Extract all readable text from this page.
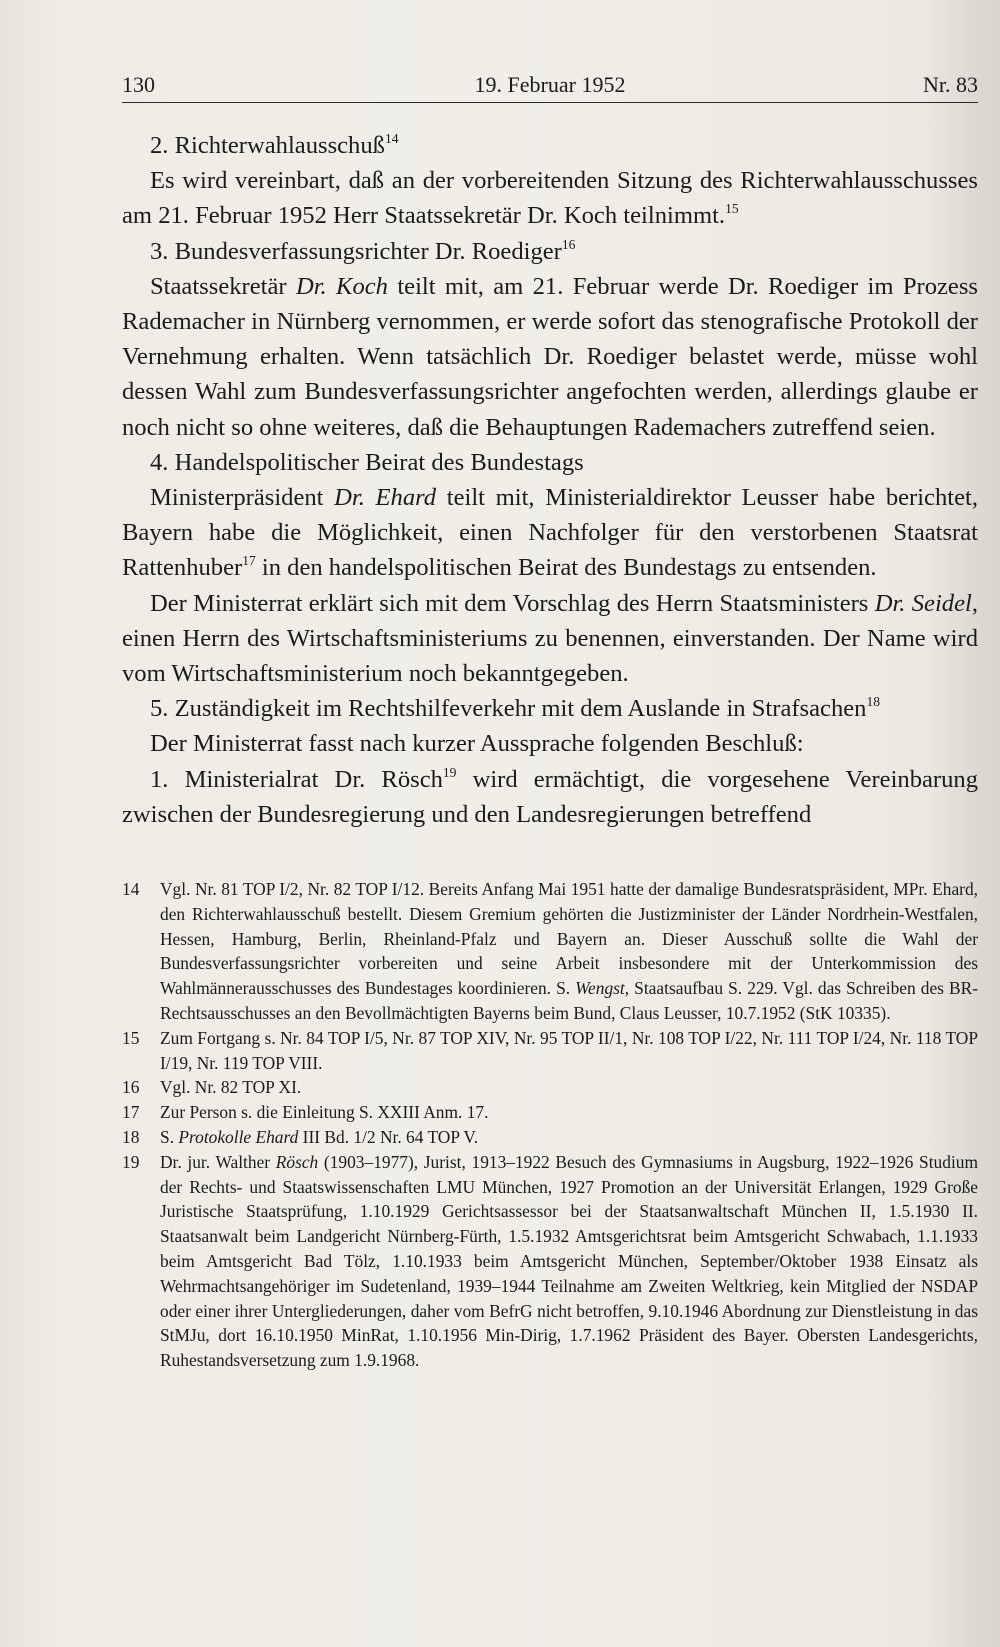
130	19. Februar 1952	Nr. 83

2. Richterwahlausschuß$^{14}$

Es wird vereinbart, daß an der vorbereitenden Sitzung des Richterwahlausschusses am 21. Februar 1952 Herr Staatssekretär Dr. Koch teilnimmt.$^{15}$

3. Bundesverfassungsrichter Dr. Roediger$^{16}$

Staatssekretär Dr. Koch teilt mit, am 21. Februar werde Dr. Roediger im Prozess Rademacher in Nürnberg vernommen, er werde sofort das stenografische Protokoll der Vernehmung erhalten. Wenn tatsächlich Dr. Roediger belastet werde, müsse wohl dessen Wahl zum Bundesverfassungsrichter angefochten werden, allerdings glaube er noch nicht so ohne weiteres, daß die Behauptungen Rademachers zutreffend seien.

4. Handelspolitischer Beirat des Bundestags

Ministerpräsident Dr. Ehard teilt mit, Ministerialdirektor Leusser habe berichtet, Bayern habe die Möglichkeit, einen Nachfolger für den verstorbenen Staatsrat Rattenhuber$^{17}$ in den handelspolitischen Beirat des Bundestags zu entsenden.

Der Ministerrat erklärt sich mit dem Vorschlag des Herrn Staatsministers Dr. Seidel, einen Herrn des Wirtschaftsministeriums zu benennen, einverstanden. Der Name wird vom Wirtschaftsministerium noch bekanntgegeben.

5. Zuständigkeit im Rechtshilfeverkehr mit dem Auslande in Strafsachen$^{18}$

Der Ministerrat fasst nach kurzer Aussprache folgenden Beschluß:

1. Ministerialrat Dr. Rösch$^{19}$ wird ermächtigt, die vorgesehene Vereinbarung zwischen der Bundesregierung und den Landesregierungen betreffend

14 Vgl. Nr. 81 TOP I/2, Nr. 82 TOP I/12. Bereits Anfang Mai 1951 hatte der damalige Bundesratspräsident, MPr. Ehard, den Richterwahlausschuß bestellt. Diesem Gremium gehörten die Justizminister der Länder Nordrhein-Westfalen, Hessen, Hamburg, Berlin, Rheinland-Pfalz und Bayern an. Dieser Ausschuß sollte die Wahl der Bundesverfassungsrichter vorbereiten und seine Arbeit insbesondere mit der Unterkommission des Wahlmännerausschusses des Bundestages koordinieren. S. Wengst, Staatsaufbau S. 229. Vgl. das Schreiben des BR-Rechtsausschusses an den Bevollmächtigten Bayerns beim Bund, Claus Leusser, 10.7.1952 (StK 10335).
15 Zum Fortgang s. Nr. 84 TOP I/5, Nr. 87 TOP XIV, Nr. 95 TOP II/1, Nr. 108 TOP I/22, Nr. 111 TOP I/24, Nr. 118 TOP I/19, Nr. 119 TOP VIII.
16 Vgl. Nr. 82 TOP XI.
17 Zur Person s. die Einleitung S. XXIII Anm. 17.
18 S. Protokolle Ehard III Bd. 1/2 Nr. 64 TOP V.
19 Dr. jur. Walther Rösch (1903–1977), Jurist, 1913–1922 Besuch des Gymnasiums in Augsburg, 1922–1926 Studium der Rechts- und Staatswissenschaften LMU München, 1927 Promotion an der Universität Erlangen, 1929 Große Juristische Staatsprüfung, 1.10.1929 Gerichtsassessor bei der Staatsanwaltschaft München II, 1.5.1930 II. Staatsanwalt beim Landgericht Nürnberg-Fürth, 1.5.1932 Amtsgerichtsrat beim Amtsgericht Schwabach, 1.1.1933 beim Amtsgericht Bad Tölz, 1.10.1933 beim Amtsgericht München, September/Oktober 1938 Einsatz als Wehrmachtsangehöriger im Sudetenland, 1939–1944 Teilnahme am Zweiten Weltkrieg, kein Mitglied der NSDAP oder einer ihrer Untergliederungen, daher vom BefrG nicht betroffen, 9.10.1946 Abordnung zur Dienstleistung in das StMJu, dort 16.10.1950 MinRat, 1.10.1956 Min-Dirig, 1.7.1962 Präsident des Bayer. Obersten Landesgerichts, Ruhestandsversetzung zum 1.9.1968.
